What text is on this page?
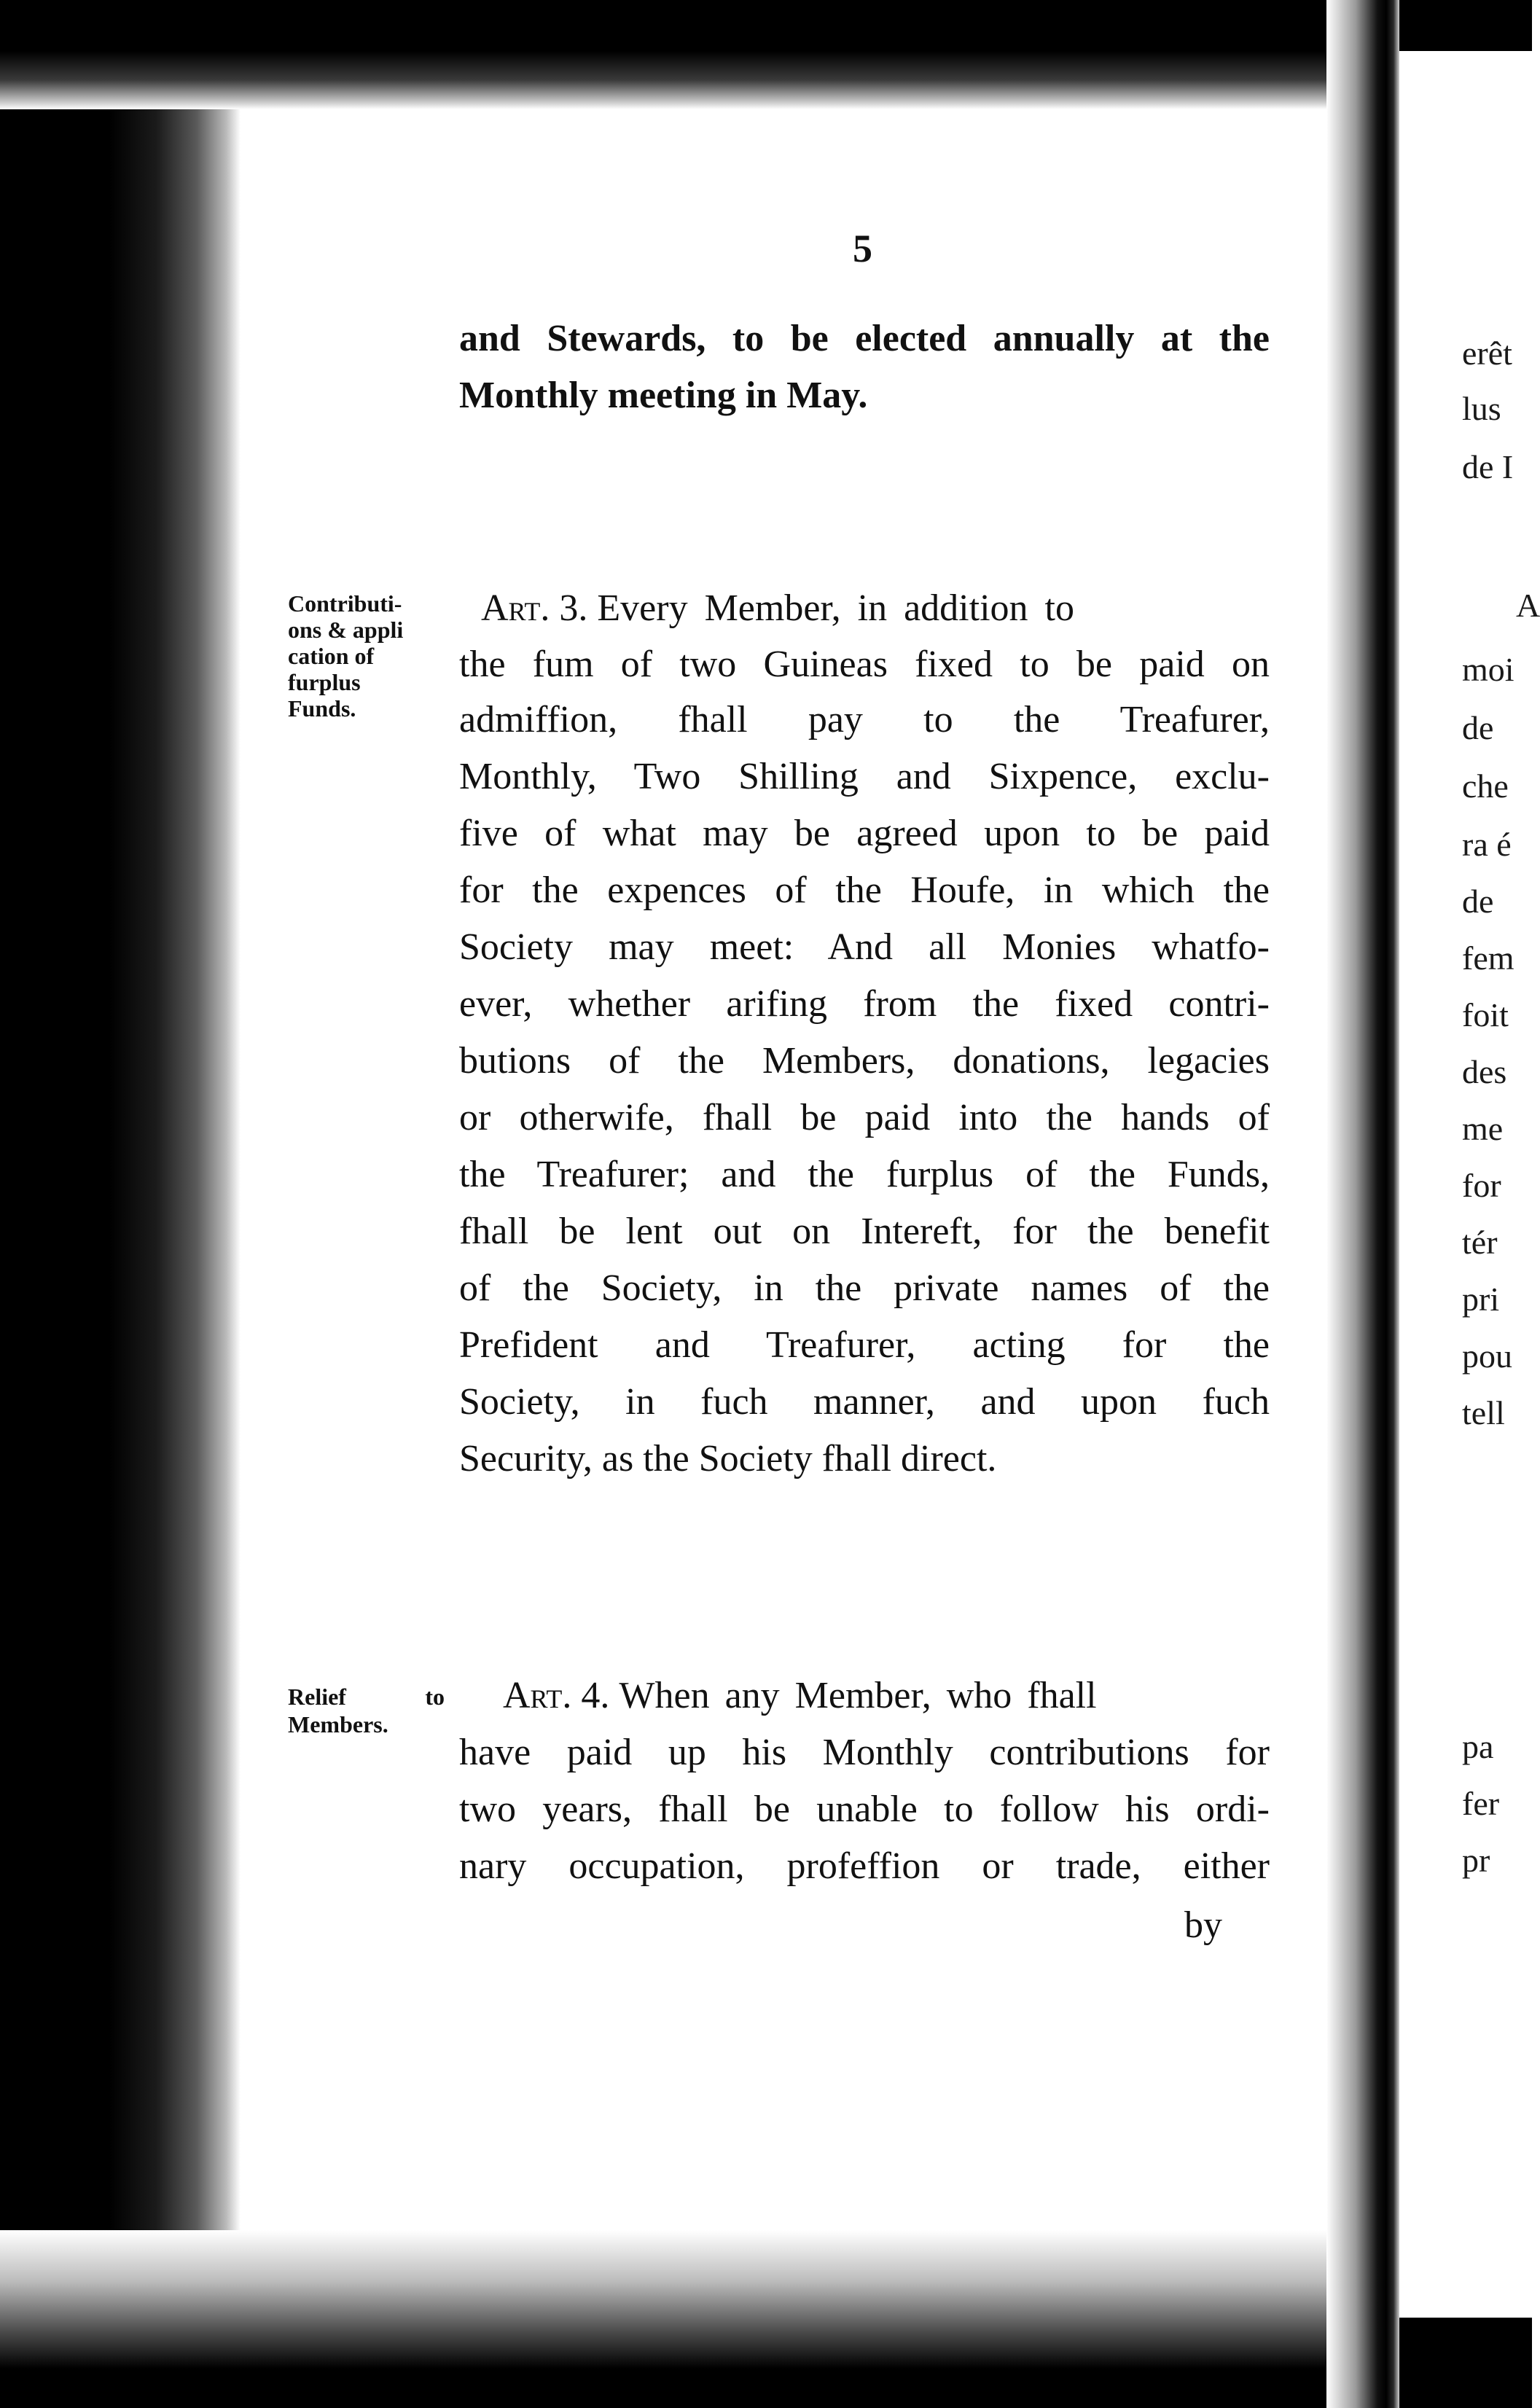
erêt
lus
de I
A
moi
de
che
ra é
de
fem
foit
des
me
for
tér
pri
pou
tell
pa
fer
pr
5
and Stewards, to be elected annually at the
Monthly meeting in May.
Contributi-
ons & appli
cation of
furplus
Funds.
Art. 3. Every Member, in addition to
the fum of two Guineas fixed to be paid on
admiffion, fhall pay to the Treafurer,
Monthly, Two Shilling and Sixpence, exclu-
five of what may be agreed upon to be paid
for the expences of the Houfe, in which the
Society may meet: And all Monies whatfo-
ever, whether arifing from the fixed contri-
butions of the Members, donations, legacies
or otherwife, fhall be paid into the hands of
the Treafurer; and the furplus of the Funds,
fhall be lent out on Intereft, for the benefit
of the Society, in the private names of the
Prefident and Treafurer, acting for the
Society, in fuch manner, and upon fuch
Security, as the Society fhall direct.
Relief to
Members.
Art. 4. When any Member, who fhall
have paid up his Monthly contributions for
two years, fhall be unable to follow his ordi-
nary occupation, profeffion or trade, either
by
